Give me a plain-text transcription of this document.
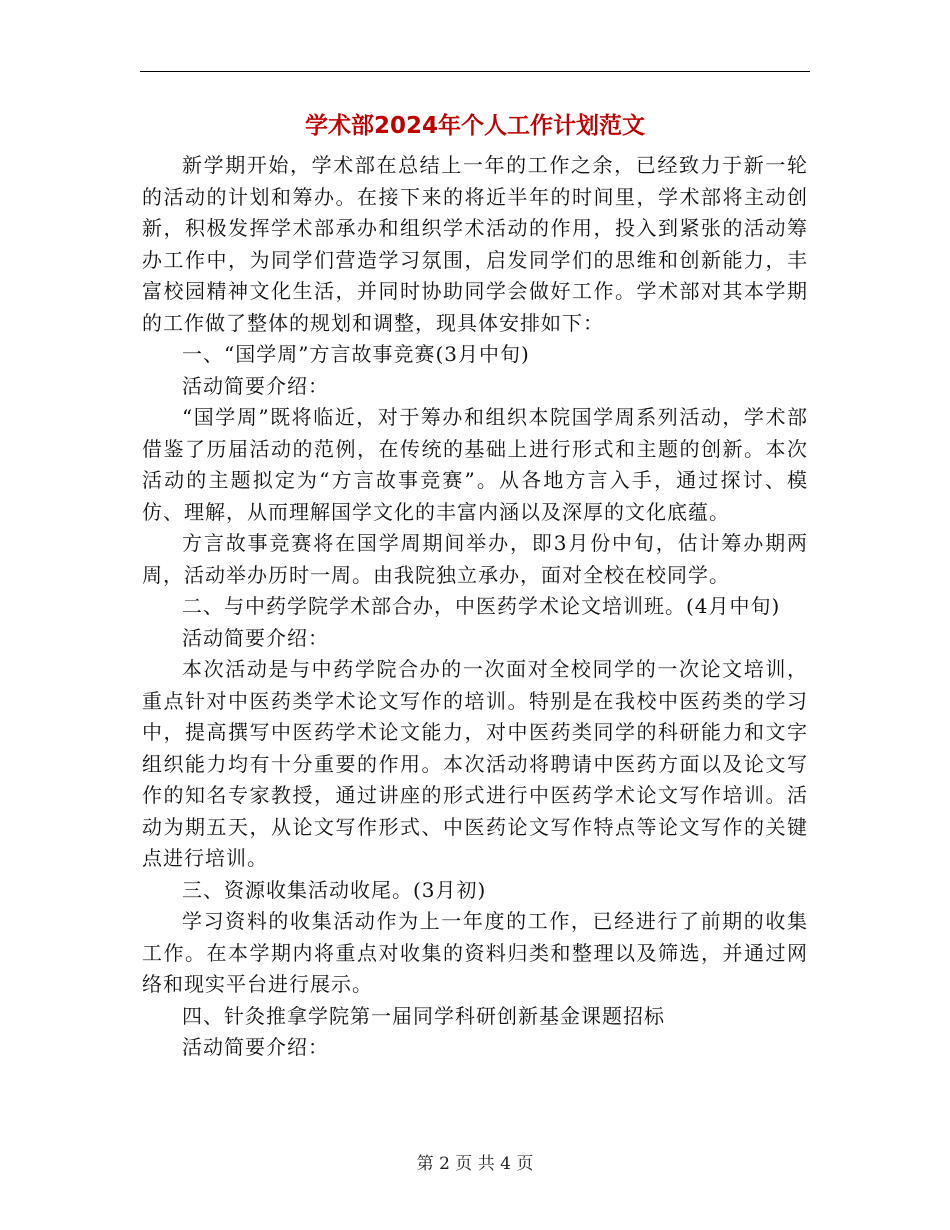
学术部2024年个人工作计划范文

新学期开始，学术部在总结上一年的工作之余，已经致力于新一轮的活动的计划和筹办。在接下来的将近半年的时间里，学术部将主动创新，积极发挥学术部承办和组织学术活动的作用，投入到紧张的活动筹办工作中，为同学们营造学习氛围，启发同学们的思维和创新能力，丰富校园精神文化生活，并同时协助同学会做好工作。学术部对其本学期的工作做了整体的规划和调整，现具体安排如下：

一、“国学周”方言故事竞赛(3月中旬)

活动简要介绍：

“国学周”既将临近，对于筹办和组织本院国学周系列活动，学术部借鉴了历届活动的范例，在传统的基础上进行形式和主题的创新。本次活动的主题拟定为“方言故事竞赛”。从各地方言入手，通过探讨、模仿、理解，从而理解国学文化的丰富内涵以及深厚的文化底蕴。

方言故事竞赛将在国学周期间举办，即3月份中旬，估计筹办期两周，活动举办历时一周。由我院独立承办，面对全校在校同学。

二、与中药学院学术部合办，中医药学术论文培训班。(4月中旬)

活动简要介绍：

本次活动是与中药学院合办的一次面对全校同学的一次论文培训，重点针对中医药类学术论文写作的培训。特别是在我校中医药类的学习中，提高撰写中医药学术论文能力，对中医药类同学的科研能力和文字组织能力均有十分重要的作用。本次活动将聘请中医药方面以及论文写作的知名专家教授，通过讲座的形式进行中医药学术论文写作培训。活动为期五天，从论文写作形式、中医药论文写作特点等论文写作的关键点进行培训。

三、资源收集活动收尾。(3月初)

学习资料的收集活动作为上一年度的工作，已经进行了前期的收集工作。在本学期内将重点对收集的资料归类和整理以及筛选，并通过网络和现实平台进行展示。

四、针灸推拿学院第一届同学科研创新基金课题招标

活动简要介绍：

第 2 页 共 4 页
